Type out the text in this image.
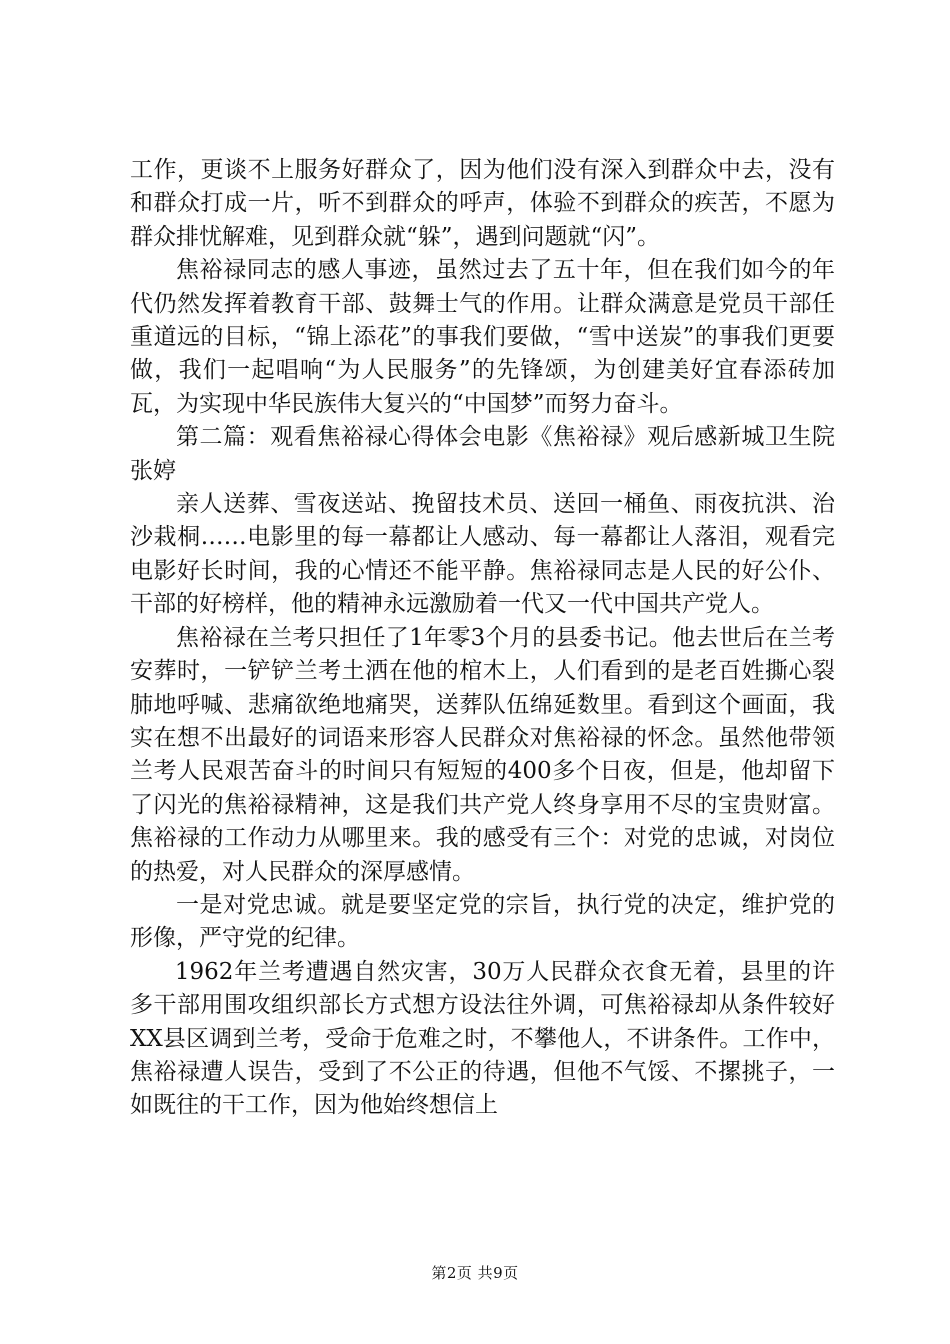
工作，更谈不上服务好群众了，因为他们没有深入到群众中去，没有和群众打成一片，听不到群众的呼声，体验不到群众的疾苦，不愿为群众排忧解难，见到群众就“躲”，遇到问题就“闪”。

焦裕禄同志的感人事迹，虽然过去了五十年，但在我们如今的年代仍然发挥着教育干部、鼓舞士气的作用。让群众满意是党员干部任重道远的目标，“锦上添花”的事我们要做，“雪中送炭”的事我们更要做，我们一起唱响“为人民服务”的先锋颂，为创建美好宜春添砖加瓦，为实现中华民族伟大复兴的“中国梦”而努力奋斗。

第二篇：观看焦裕禄心得体会电影《焦裕禄》观后感新城卫生院张婷

亲人送葬、雪夜送站、挽留技术员、送回一桶鱼、雨夜抗洪、治沙栽桐……电影里的每一幕都让人感动、每一幕都让人落泪，观看完电影好长时间，我的心情还不能平静。焦裕禄同志是人民的好公仆、干部的好榜样，他的精神永远激励着一代又一代中国共产党人。

焦裕禄在兰考只担任了1年零3个月的县委书记。他去世后在兰考安葬时，一铲铲兰考土洒在他的棺木上，人们看到的是老百姓撕心裂肺地呼喊、悲痛欲绝地痛哭，送葬队伍绵延数里。看到这个画面，我实在想不出最好的词语来形容人民群众对焦裕禄的怀念。虽然他带领兰考人民艰苦奋斗的时间只有短短的400多个日夜，但是，他却留下了闪光的焦裕禄精神，这是我们共产党人终身享用不尽的宝贵财富。焦裕禄的工作动力从哪里来。我的感受有三个：对党的忠诚，对岗位的热爱，对人民群众的深厚感情。

一是对党忠诚。就是要坚定党的宗旨，执行党的决定，维护党的形像，严守党的纪律。

1962年兰考遭遇自然灾害，30万人民群众衣食无着，县里的许多干部用围攻组织部长方式想方设法往外调，可焦裕禄却从条件较好XX县区调到兰考，受命于危难之时，不攀他人，不讲条件。工作中，焦裕禄遭人误告，受到了不公正的待遇，但他不气馁、不摞挑子，一如既往的干工作，因为他始终想信上

第2页 共9页
